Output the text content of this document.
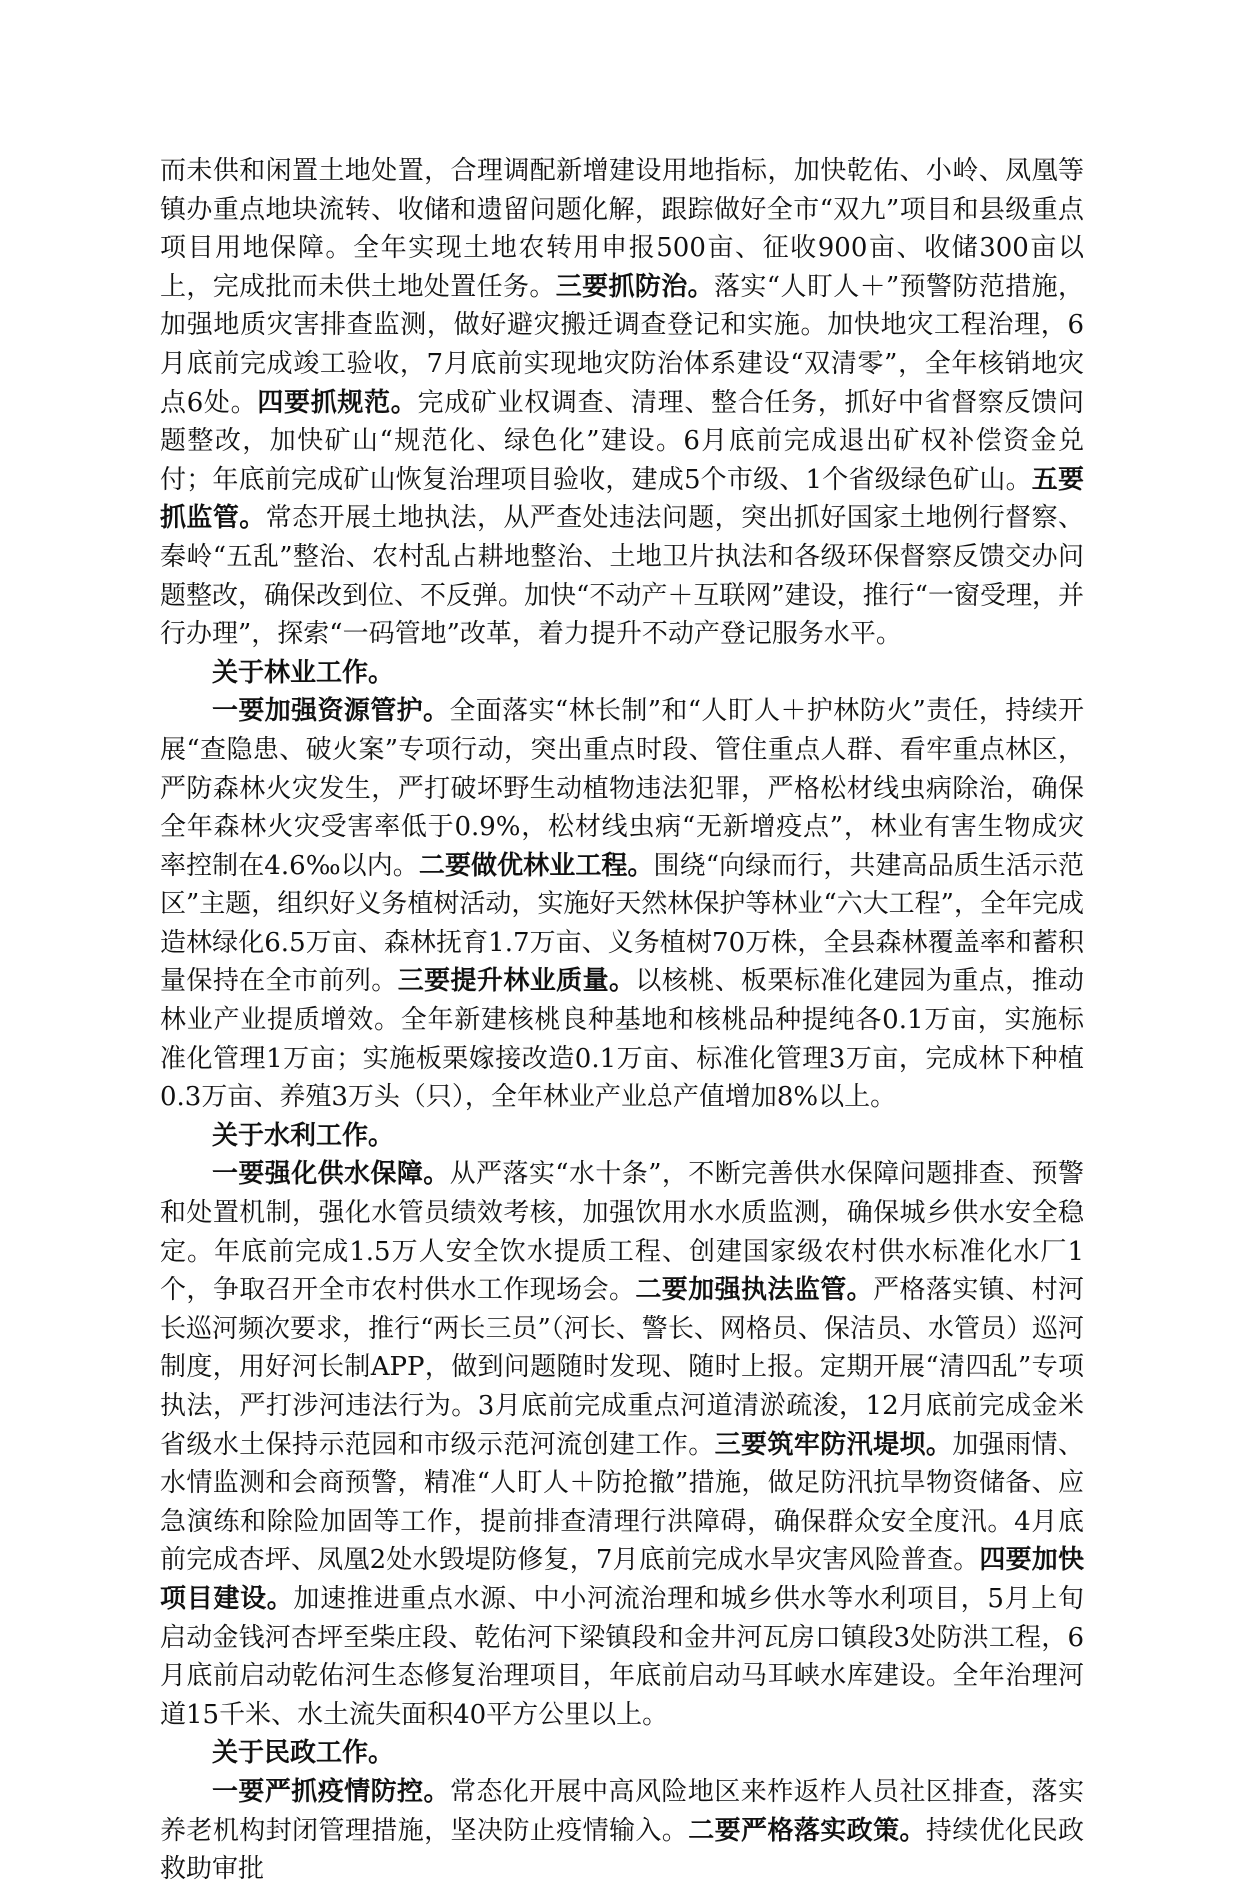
而未供和闲置土地处置，合理调配新增建设用地指标，加快乾佑、小岭、凤凰等镇办重点地块流转、收储和遗留问题化解，跟踪做好全市“双九”项目和县级重点项目用地保障。全年实现土地农转用申报500亩、征收900亩、收储300亩以上，完成批而未供土地处置任务。三要抓防治。落实“人盯人＋”预警防范措施，加强地质灾害排查监测，做好避灾搬迁调查登记和实施。加快地灾工程治理，6月底前完成竣工验收，7月底前实现地灾防治体系建设“双清零”，全年核销地灾点6处。四要抓规范。完成矿业权调查、清理、整合任务，抓好中省督察反馈问题整改，加快矿山“规范化、绿色化”建设。6月底前完成退出矿权补偿资金兑付；年底前完成矿山恢复治理项目验收，建成5个市级、1个省级绿色矿山。五要抓监管。常态开展土地执法，从严查处违法问题，突出抓好国家土地例行督察、秦岭“五乱”整治、农村乱占耕地整治、土地卫片执法和各级环保督察反馈交办问题整改，确保改到位、不反弹。加快“不动产＋互联网”建设，推行“一窗受理，并行办理”，探索“一码管地”改革，着力提升不动产登记服务水平。

关于林业工作。

一要加强资源管护。全面落实“林长制”和“人盯人＋护林防火”责任，持续开展“查隐患、破火案”专项行动，突出重点时段、管住重点人群、看牢重点林区，严防森林火灾发生，严打破坏野生动植物违法犯罪，严格松材线虫病除治，确保全年森林火灾受害率低于0.9%，松材线虫病“无新增疫点”，林业有害生物成灾率控制在4.6‰以内。二要做优林业工程。围绕“向绿而行，共建高品质生活示范区”主题，组织好义务植树活动，实施好天然林保护等林业“六大工程”，全年完成造林绿化6.5万亩、森林抚育1.7万亩、义务植树70万株，全县森林覆盖率和蓄积量保持在全市前列。三要提升林业质量。以核桃、板栗标准化建园为重点，推动林业产业提质增效。全年新建核桃良种基地和核桃品种提纯各0.1万亩，实施标准化管理1万亩；实施板栗嫁接改造0.1万亩、标准化管理3万亩，完成林下种植0.3万亩、养殖3万头（只），全年林业产业总产值增加8%以上。

关于水利工作。

一要强化供水保障。从严落实“水十条”，不断完善供水保障问题排查、预警和处置机制，强化水管员绩效考核，加强饮用水水质监测，确保城乡供水安全稳定。年底前完成1.5万人安全饮水提质工程、创建国家级农村供水标准化水厂1个，争取召开全市农村供水工作现场会。二要加强执法监管。严格落实镇、村河长巡河频次要求，推行“两长三员”（河长、警长、网格员、保洁员、水管员）巡河制度，用好河长制APP，做到问题随时发现、随时上报。定期开展“清四乱”专项执法，严打涉河违法行为。3月底前完成重点河道清淤疏浚，12月底前完成金米省级水土保持示范园和市级示范河流创建工作。三要筑牢防汛堤坝。加强雨情、水情监测和会商预警，精准“人盯人＋防抢撤”措施，做足防汛抗旱物资储备、应急演练和除险加固等工作，提前排查清理行洪障碍，确保群众安全度汛。4月底前完成杏坪、凤凰2处水毁堤防修复，7月底前完成水旱灾害风险普查。四要加快项目建设。加速推进重点水源、中小河流治理和城乡供水等水利项目，5月上旬启动金钱河杏坪至柴庄段、乾佑河下梁镇段和金井河瓦房口镇段3处防洪工程，6月底前启动乾佑河生态修复治理项目，年底前启动马耳峡水库建设。全年治理河道15千米、水土流失面积40平方公里以上。

关于民政工作。

一要严抓疫情防控。常态化开展中高风险地区来柞返柞人员社区排查，落实养老机构封闭管理措施，坚决防止疫情输入。二要严格落实政策。持续优化民政救助审批
